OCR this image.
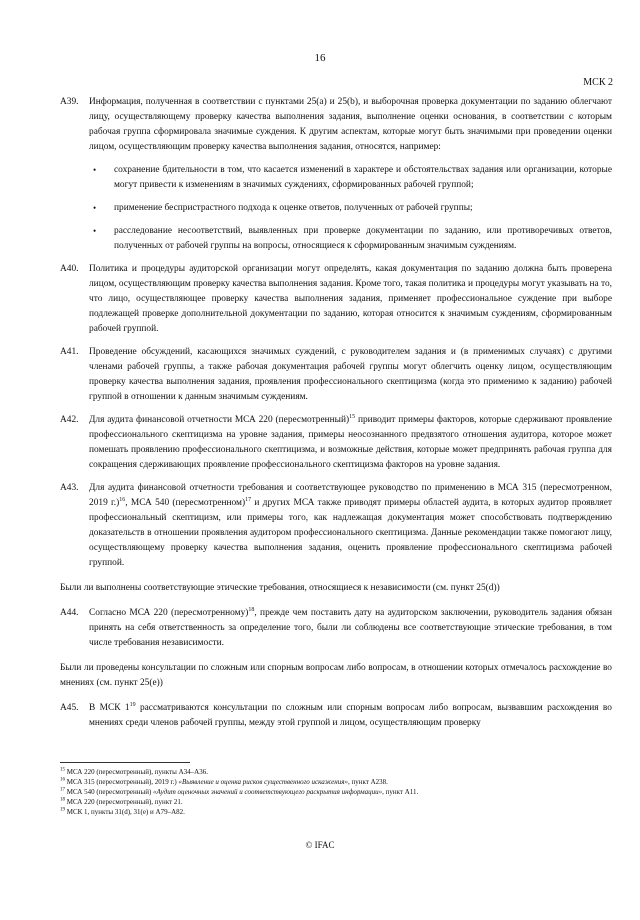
16
МСК 2
A39. Информация, полученная в соответствии с пунктами 25(a) и 25(b), и выборочная проверка документации по заданию облегчают лицу, осуществляющему проверку качества выполнения задания, выполнение оценки основания, в соответствии с которым рабочая группа сформировала значимые суждения. К другим аспектам, которые могут быть значимыми при проведении оценки лицом, осуществляющим проверку качества выполнения задания, относятся, например:
• сохранение бдительности в том, что касается изменений в характере и обстоятельствах задания или организации, которые могут привести к изменениям в значимых суждениях, сформированных рабочей группой;
• применение беспристрастного подхода к оценке ответов, полученных от рабочей группы;
• расследование несоответствий, выявленных при проверке документации по заданию, или противоречивых ответов, полученных от рабочей группы на вопросы, относящиеся к сформированным значимым суждениям.
A40. Политика и процедуры аудиторской организации могут определять, какая документация по заданию должна быть проверена лицом, осуществляющим проверку качества выполнения задания. Кроме того, такая политика и процедуры могут указывать на то, что лицо, осуществляющее проверку качества выполнения задания, применяет профессиональное суждение при выборе подлежащей проверке дополнительной документации по заданию, которая относится к значимым суждениям, сформированным рабочей группой.
A41. Проведение обсуждений, касающихся значимых суждений, с руководителем задания и (в применимых случаях) с другими членами рабочей группы, а также рабочая документация рабочей группы могут облегчить оценку лицом, осуществляющим проверку качества выполнения задания, проявления профессионального скептицизма (когда это применимо к заданию) рабочей группой в отношении к данным значимым суждениям.
A42. Для аудита финансовой отчетности МСА 220 (пересмотренный)$^{15}$ приводит примеры факторов, которые сдерживают проявление профессионального скептицизма на уровне задания, примеры неосознанного предвзятого отношения аудитора, которое может помешать проявлению профессионального скептицизма, и возможные действия, которые может предпринять рабочая группа для сокращения сдерживающих проявление профессионального скептицизма факторов на уровне задания.
A43. Для аудита финансовой отчетности требования и соответствующее руководство по применению в МСА 315 (пересмотренном, 2019 г.)$^{16}$, МСА 540 (пересмотренном)$^{17}$ и других МСА также приводят примеры областей аудита, в которых аудитор проявляет профессиональный скептицизм, или примеры того, как надлежащая документация может способствовать подтверждению доказательств в отношении проявления аудитором профессионального скептицизма. Данные рекомендации также помогают лицу, осуществляющему проверку качества выполнения задания, оценить проявление профессионального скептицизма рабочей группой.
Были ли выполнены соответствующие этические требования, относящиеся к независимости (см. пункт 25(d))
A44. Согласно МСА 220 (пересмотренному)$^{18}$, прежде чем поставить дату на аудиторском заключении, руководитель задания обязан принять на себя ответственность за определение того, были ли соблюдены все соответствующие этические требования, в том числе требования независимости.
Были ли проведены консультации по сложным или спорным вопросам либо вопросам, в отношении которых отмечалось расхождение во мнениях (см. пункт 25(e))
A45. В МСК $1^{19}$ рассматриваются консультации по сложным или спорным вопросам либо вопросам, вызвавшим расхождения во мнениях среди членов рабочей группы, между этой группой и лицом, осуществляющим проверку

$^{15}$ МСА 220 (пересмотренный), пункты A34–A36.

$^{16}$ МСА 315 (пересмотренный), 2019 г.) «Выявление и оценка рисков существенного искажения», пункт A238.

$^{17}$ МСА 540 (пересмотренный) «Аудит оценочных значений и соответствующего раскрытия информации», пункт A11.

$^{18}$ МСА 220 (пересмотренный), пункт 21.

$^{19}$ МСК 1, пункты 31(d), 31(e) и A79–A82.

© IFAC
